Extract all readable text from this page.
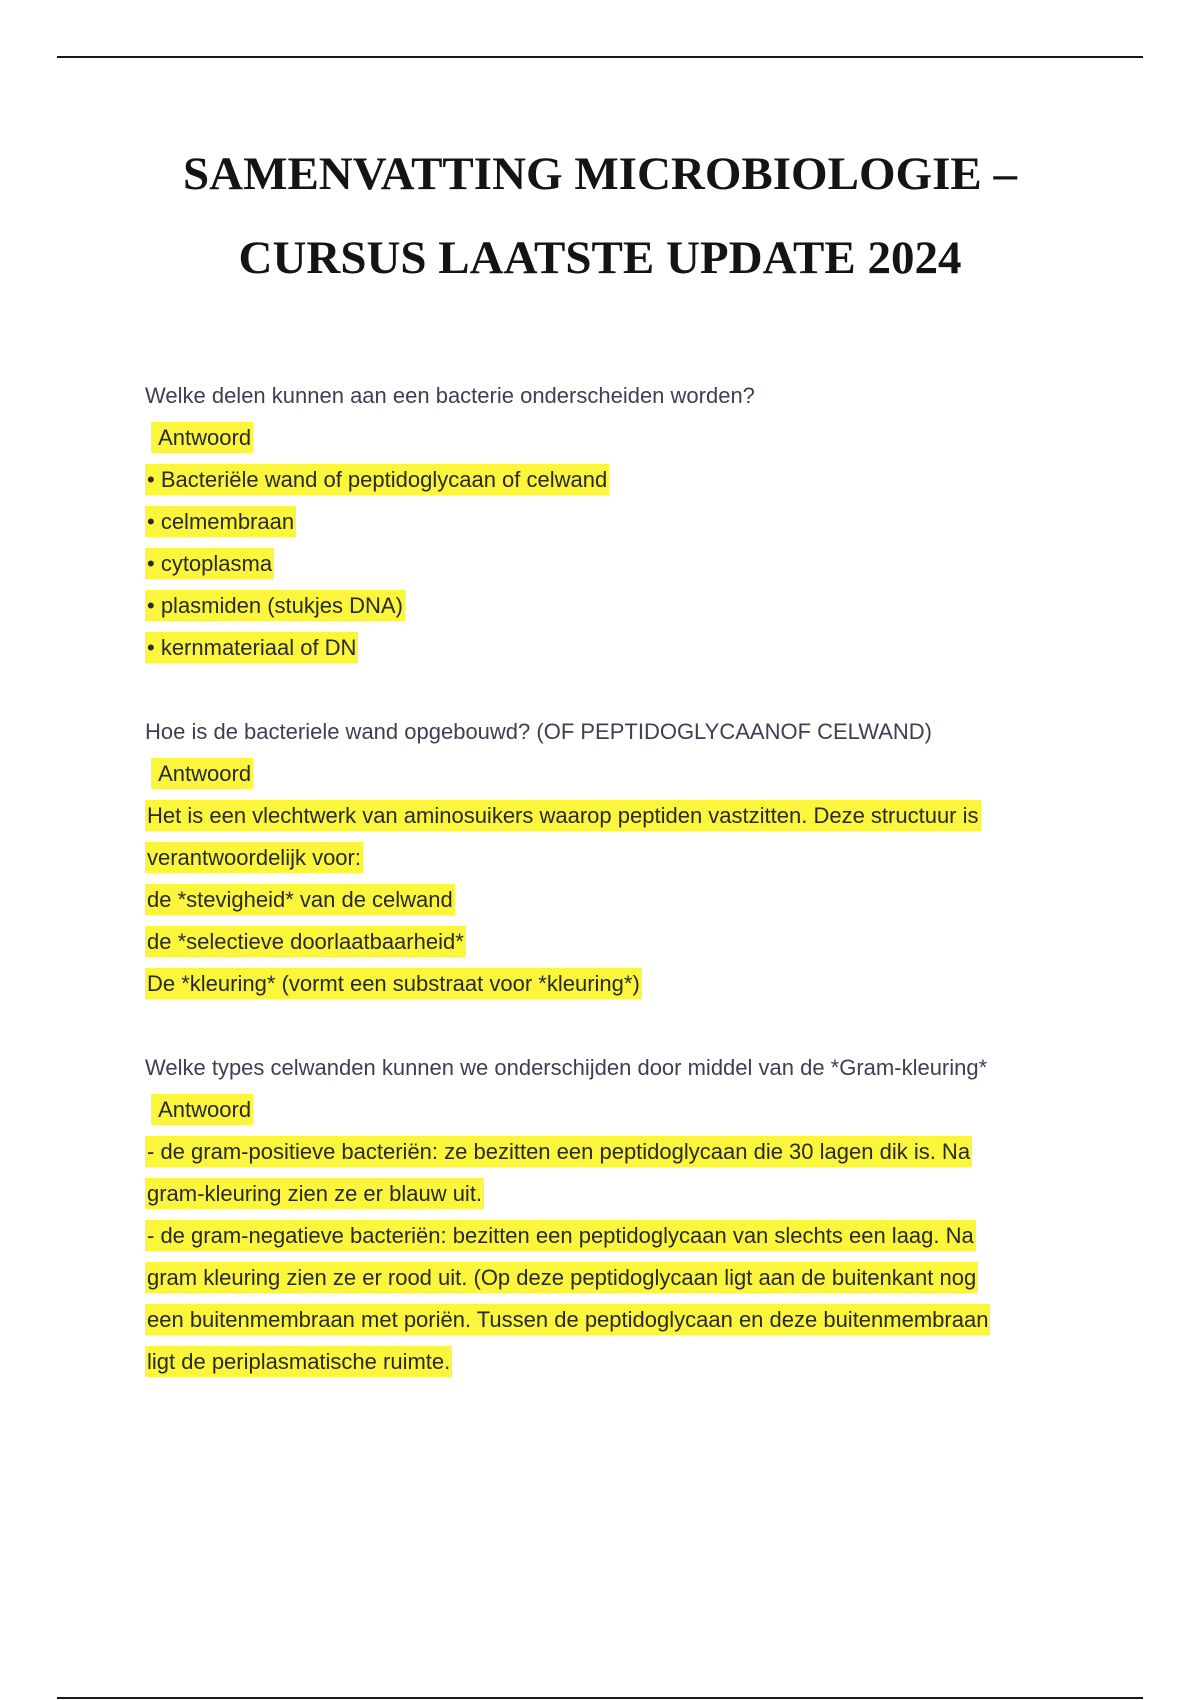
SAMENVATTING MICROBIOLOGIE –
CURSUS LAATSTE UPDATE 2024
Welke delen kunnen aan een bacterie onderscheiden worden?
Antwoord
• Bacteriële wand of peptidoglycaan of celwand
• celmembraan
• cytoplasma
• plasmiden (stukjes DNA)
• kernmateriaal of DN
Hoe is de bacteriele wand opgebouwd? (OF PEPTIDOGLYCAANOF CELWAND)
Antwoord
Het is een vlechtwerk van aminosuikers waarop peptiden vastzitten. Deze structuur is
verantwoordelijk voor:
de *stevigheid* van de celwand
de *selectieve doorlaatbaarheid*
De *kleuring* (vormt een substraat voor *kleuring*)
Welke types celwanden kunnen we onderschijden door middel van de *Gram-kleuring*
Antwoord
- de gram-positieve bacteriën: ze bezitten een peptidoglycaan die 30 lagen dik is. Na
gram-kleuring zien ze er blauw uit.
- de gram-negatieve bacteriën: bezitten een peptidoglycaan van slechts een laag. Na
gram kleuring zien ze er rood uit. (Op deze peptidoglycaan ligt aan de buitenkant nog
een buitenmembraan met poriën. Tussen de peptidoglycaan en deze buitenmembraan
ligt de periplasmatische ruimte.
